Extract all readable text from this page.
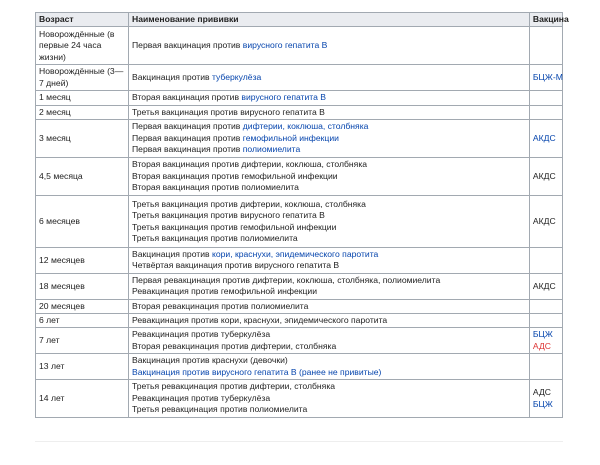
Возраст	Наименование прививки	Вакцина
Новорождённые (в первые 24 часа жизни)	Первая вакцинация против вирусного гепатита В	

Новорождённые (3—7 дней)	Вакцинация против туберкулёза	БЦЖ-М

1 месяц	Вторая вакцинация против вирусного гепатита В	

2 месяц	Третья вакцинация против вирусного гепатита В	

3 месяц	Первая вакцинация против дифтерии, коклюша, столбняка
Первая вакцинация против гемофильной инфекции
Первая вакцинация против полиомиелита	АКДС

4,5 месяца	Вторая вакцинация против дифтерии, коклюша, столбняка
Вторая вакцинация против гемофильной инфекции
Вторая вакцинация против полиомиелита	АКДС

6 месяцев	Третья вакцинация против дифтерии, коклюша, столбняка
Третья вакцинация против вирусного гепатита В
Третья вакцинация против гемофильной инфекции
Третья вакцинация против полиомиелита	АКДС

12 месяцев	Вакцинация против кори, краснухи, эпидемического паротита
Четвёртая вакцинация против вирусного гепатита В	

18 месяцев	Первая ревакцинация против дифтерии, коклюша, столбняка, полиомиелита
Ревакцинация против гемофильной инфекции	АКДС

20 месяцев	Вторая ревакцинация против полиомиелита	

6 лет	Ревакцинация против кори, краснухи, эпидемического паротита	

7 лет	Ревакцинация против туберкулёза
Вторая ревакцинация против дифтерии, столбняка	БЦЖ
АДС

13 лет	Вакцинация против краснухи (девочки)
Вакцинация против вирусного гепатита В (ранее не привитые)	

14 лет	Третья ревакцинация против дифтерии, столбняка
Ревакцинация против туберкулёза
Третья ревакцинация против полиомиелита	АДС
БЦЖ
